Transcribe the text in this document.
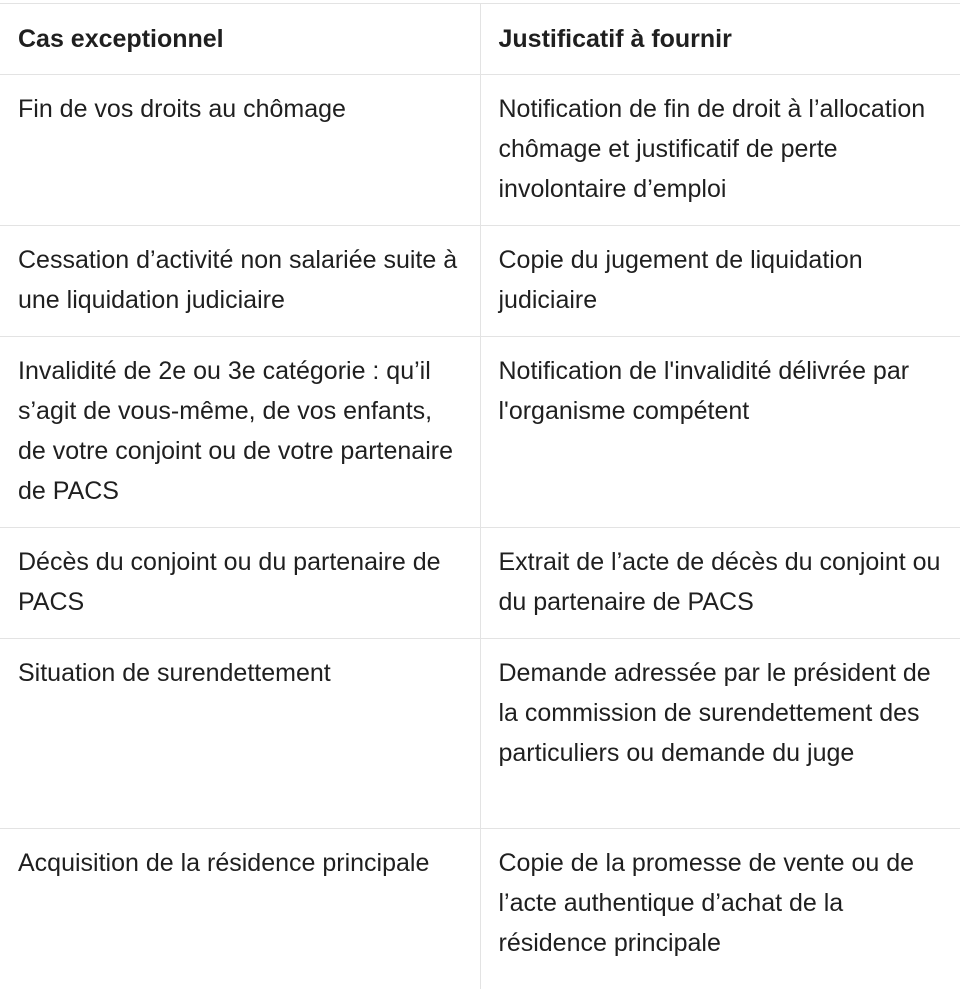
Cas exceptionnel	Justificatif à fournir
Fin de vos droits au chômage	Notification de fin de droit à l’allocation chômage et justificatif de perte involontaire d’emploi
Cessation d’activité non salariée suite à une liquidation judiciaire	Copie du jugement de liquidation judiciaire
Invalidité de 2e ou 3e catégorie : qu’il s’agit de vous-même, de vos enfants, de votre conjoint ou de votre partenaire de PACS	Notification de l'invalidité délivrée par l'organisme compétent
Décès du conjoint ou du partenaire de PACS	Extrait de l’acte de décès du conjoint ou du partenaire de PACS
Situation de surendettement	Demande adressée par le président de la commission de surendettement des particuliers ou demande du juge
Acquisition de la résidence principale	Copie de la promesse de vente ou de l’acte authentique d’achat de la résidence principale
